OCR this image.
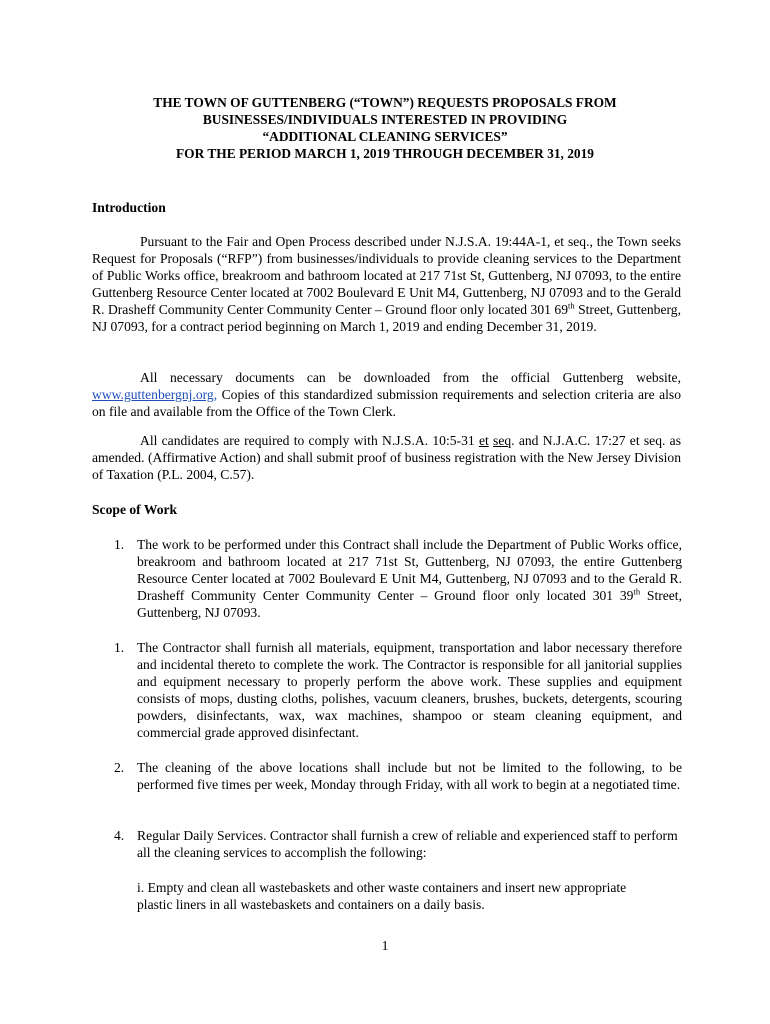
THE TOWN OF GUTTENBERG (“TOWN”) REQUESTS PROPOSALS FROM
BUSINESSES/INDIVIDUALS INTERESTED IN PROVIDING
“ADDITIONAL CLEANING SERVICES”
FOR THE PERIOD MARCH 1, 2019 THROUGH DECEMBER 31, 2019
Introduction
Pursuant to the Fair and Open Process described under N.J.S.A. 19:44A-1, et seq., the Town seeks Request for Proposals (“RFP”) from businesses/individuals to provide cleaning services to the Department of Public Works office, breakroom and bathroom located at 217 71st St, Guttenberg, NJ 07093, to the entire Guttenberg Resource Center located at 7002 Boulevard E Unit M4, Guttenberg, NJ 07093 and to the Gerald R. Drasheff Community Center Community Center – Ground floor only located 301 69th Street, Guttenberg, NJ 07093, for a contract period beginning on March 1, 2019 and ending December 31, 2019.
All necessary documents can be downloaded from the official Guttenberg website, www.guttenbergnj.org, Copies of this standardized submission requirements and selection criteria are also on file and available from the Office of the Town Clerk.
All candidates are required to comply with N.J.S.A. 10:5-31 et seq. and N.J.A.C. 17:27 et seq. as amended. (Affirmative Action) and shall submit proof of business registration with the New Jersey Division of Taxation (P.L. 2004, C.57).
Scope of Work
1. The work to be performed under this Contract shall include the Department of Public Works office, breakroom and bathroom located at 217 71st St, Guttenberg, NJ 07093, the entire Guttenberg Resource Center located at 7002 Boulevard E Unit M4, Guttenberg, NJ 07093 and to the Gerald R. Drasheff Community Center Community Center – Ground floor only located 301 39th Street, Guttenberg, NJ 07093.
1. The Contractor shall furnish all materials, equipment, transportation and labor necessary therefore and incidental thereto to complete the work. The Contractor is responsible for all janitorial supplies and equipment necessary to properly perform the above work. These supplies and equipment consists of mops, dusting cloths, polishes, vacuum cleaners, brushes, buckets, detergents, scouring powders, disinfectants, wax, wax machines, shampoo or steam cleaning equipment, and commercial grade approved disinfectant.
2. The cleaning of the above locations shall include but not be limited to the following, to be performed five times per week, Monday through Friday, with all work to begin at a negotiated time.
4. Regular Daily Services. Contractor shall furnish a crew of reliable and experienced staff to perform all the cleaning services to accomplish the following:
i. Empty and clean all wastebaskets and other waste containers and insert new appropriate plastic liners in all wastebaskets and containers on a daily basis.
1
